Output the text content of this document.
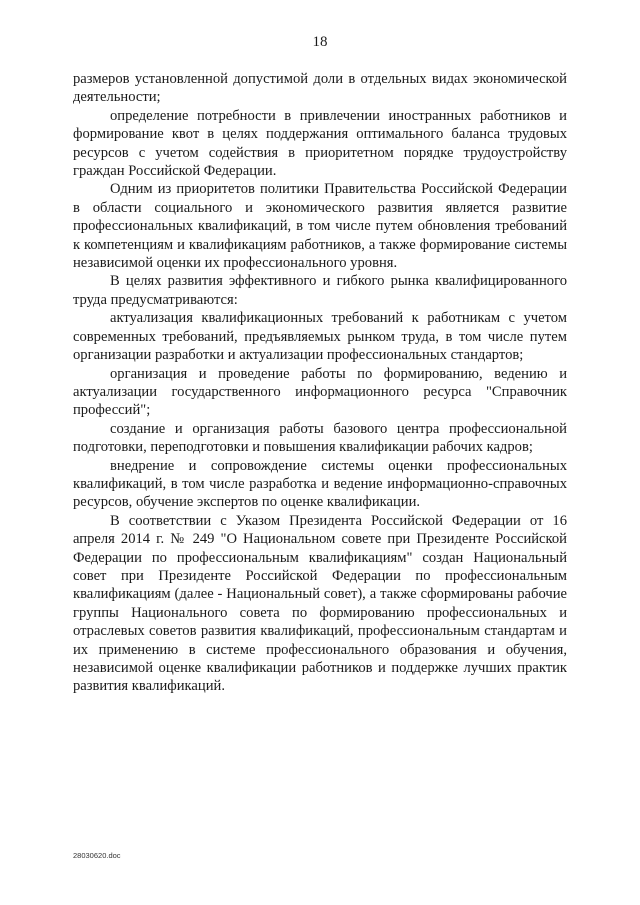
18

размеров установленной допустимой доли в отдельных видах экономической деятельности;

определение потребности в привлечении иностранных работников и формирование квот в целях поддержания оптимального баланса трудовых ресурсов с учетом содействия в приоритетном порядке трудоустройству граждан Российской Федерации.

Одним из приоритетов политики Правительства Российской Федерации в области социального и экономического развития является развитие профессиональных квалификаций, в том числе путем обновления требований к компетенциям и квалификациям работников, а также формирование системы независимой оценки их профессионального уровня.

В целях развития эффективного и гибкого рынка квалифицированного труда предусматриваются:

актуализация квалификационных требований к работникам с учетом современных требований, предъявляемых рынком труда, в том числе путем организации разработки и актуализации профессиональных стандартов;

организация и проведение работы по формированию, ведению и актуализации государственного информационного ресурса "Справочник профессий";

создание и организация работы базового центра профессиональной подготовки, переподготовки и повышения квалификации рабочих кадров;

внедрение и сопровождение системы оценки профессиональных квалификаций, в том числе разработка и ведение информационно-справочных ресурсов, обучение экспертов по оценке квалификации.

В соответствии с Указом Президента Российской Федерации от 16 апреля 2014 г. № 249 "О Национальном совете при Президенте Российской Федерации по профессиональным квалификациям" создан Национальный совет при Президенте Российской Федерации по профессиональным квалификациям (далее - Национальный совет), а также сформированы рабочие группы Национального совета по формированию профессиональных и отраслевых советов развития квалификаций, профессиональным стандартам и их применению в системе профессионального образования и обучения, независимой оценке квалификации работников и поддержке лучших практик развития квалификаций.

28030620.doc
